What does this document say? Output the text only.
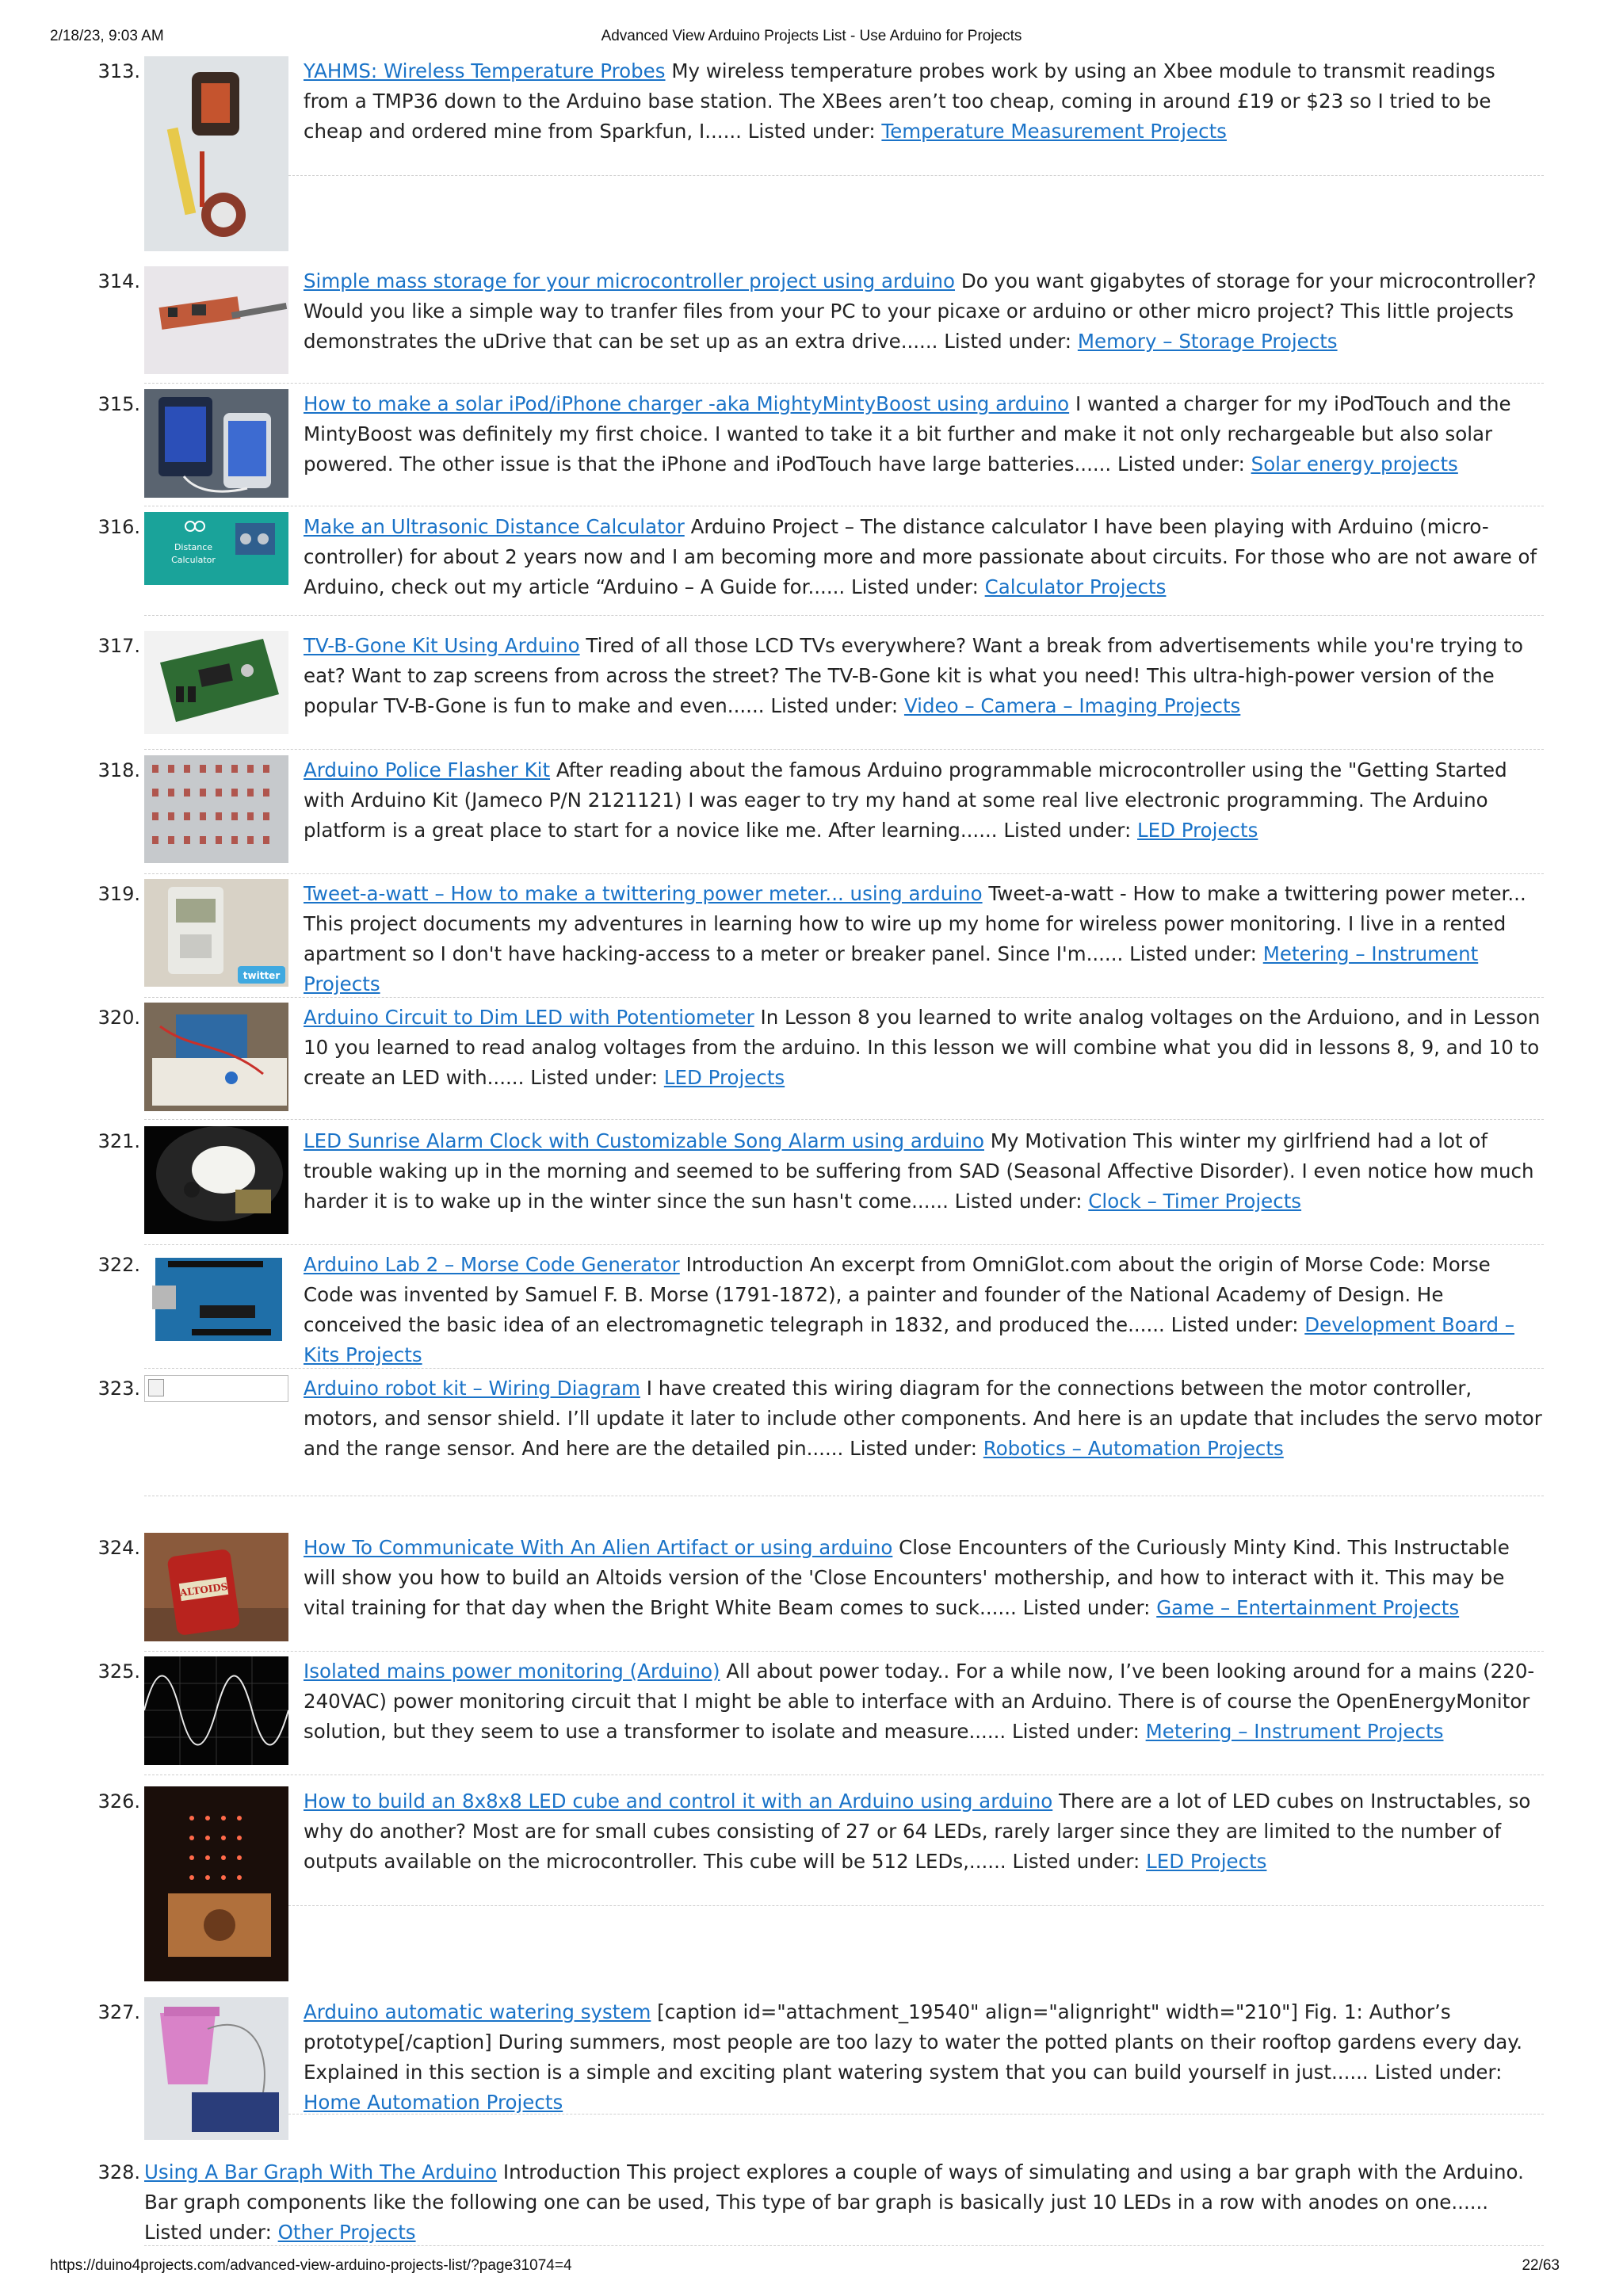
2/18/23, 9:03 AM	Advanced View Arduino Projects List - Use Arduino for Projects
313.	YAHMS: Wireless Temperature Probes My wireless temperature probes work by using an Xbee module to transmit readings from a TMP36 down to the Arduino base station. The XBees aren’t too cheap, coming in around £19 or $23 so I tried to be cheap and ordered mine from Sparkfun, I...... Listed under: Temperature Measurement Projects
314.	Simple mass storage for your microcontroller project using arduino Do you want gigabytes of storage for your microcontroller? Would you like a simple way to tranfer files from your PC to your picaxe or arduino or other micro project? This little projects demonstrates the uDrive that can be set up as an extra drive...... Listed under: Memory – Storage Projects
315.	How to make a solar iPod/iPhone charger -aka MightyMintyBoost using arduino I wanted a charger for my iPodTouch and the MintyBoost was definitely my first choice. I wanted to take it a bit further and make it not only rechargeable but also solar powered. The other issue is that the iPhone and iPodTouch have large batteries...... Listed under: Solar energy projects
316.
Distance
Calculator
Make an Ultrasonic Distance Calculator Arduino Project – The distance calculator I have been playing with Arduino (micro-controller) for about 2 years now and I am becoming more and more passionate about circuits. For those who are not aware of Arduino, check out my article “Arduino – A Guide for...... Listed under: Calculator Projects
317.	TV-B-Gone Kit Using Arduino Tired of all those LCD TVs everywhere? Want a break from advertisements while you're trying to eat? Want to zap screens from across the street? The TV-B-Gone kit is what you need! This ultra-high-power version of the popular TV-B-Gone is fun to make and even...... Listed under: Video – Camera – Imaging Projects
318.	Arduino Police Flasher Kit After reading about the famous Arduino programmable microcontroller using the "Getting Started with Arduino Kit (Jameco P/N 2121121) I was eager to try my hand at some real live electronic programming. The Arduino platform is a great place to start for a novice like me. After learning...... Listed under: LED Projects
319.
twitter
Tweet-a-watt – How to make a twittering power meter... using arduino Tweet-a-watt - How to make a twittering power meter... This project documents my adventures in learning how to wire up my home for wireless power monitoring. I live in a rented apartment so I don't have hacking-access to a meter or breaker panel. Since I'm...... Listed under: Metering – Instrument Projects
320.	Arduino Circuit to Dim LED with Potentiometer In Lesson 8 you learned to write analog voltages on the Arduiono, and in Lesson 10 you learned to read analog voltages from the arduino. In this lesson we will combine what you did in lessons 8, 9, and 10 to create an LED with...... Listed under: LED Projects
321.	LED Sunrise Alarm Clock with Customizable Song Alarm using arduino My Motivation This winter my girlfriend had a lot of trouble waking up in the morning and seemed to be suffering from SAD (Seasonal Affective Disorder). I even notice how much harder it is to wake up in the winter since the sun hasn't come...... Listed under: Clock – Timer Projects
322.	Arduino Lab 2 – Morse Code Generator Introduction An excerpt from OmniGlot.com about the origin of Morse Code: Morse Code was invented by Samuel F. B. Morse (1791-1872), a painter and founder of the National Academy of Design. He conceived the basic idea of an electromagnetic telegraph in 1832, and produced the...... Listed under: Development Board – Kits Projects
323.	Arduino robot kit – Wiring Diagram I have created this wiring diagram for the connections between the motor controller, motors, and sensor shield. I’ll update it later to include other components. And here is an update that includes the servo motor and the range sensor. And here are the detailed pin...... Listed under: Robotics – Automation Projects
324.
ALTOIDS
How To Communicate With An Alien Artifact or using arduino Close Encounters of the Curiously Minty Kind. This Instructable will show you how to build an Altoids version of the 'Close Encounters' mothership, and how to interact with it. This may be vital training for that day when the Bright White Beam comes to suck...... Listed under: Game – Entertainment Projects
325.	Isolated mains power monitoring (Arduino) All about power today.. For a while now, I’ve been looking around for a mains (220-240VAC) power monitoring circuit that I might be able to interface with an Arduino. There is of course the OpenEnergyMonitor solution, but they seem to use a transformer to isolate and measure...... Listed under: Metering – Instrument Projects
326.	How to build an 8x8x8 LED cube and control it with an Arduino using arduino There are a lot of LED cubes on Instructables, so why do another? Most are for small cubes consisting of 27 or 64 LEDs, rarely larger since they are limited to the number of outputs available on the microcontroller. This cube will be 512 LEDs,...... Listed under: LED Projects
327.	Arduino automatic watering system [caption id="attachment_19540" align="alignright" width="210"] Fig. 1: Author’s prototype[/caption] During summers, most people are too lazy to water the potted plants on their rooftop gardens every day. Explained in this section is a simple and exciting plant watering system that you can build yourself in just...... Listed under: Home Automation Projects
328. Using A Bar Graph With The Arduino Introduction This project explores a couple of ways of simulating and using a bar graph with the Arduino. Bar graph components like the following one can be used, This type of bar graph is basically just 10 LEDs in a row with anodes on one...... Listed under: Other Projects
https://duino4projects.com/advanced-view-arduino-projects-list/?page31074=4	22/63
